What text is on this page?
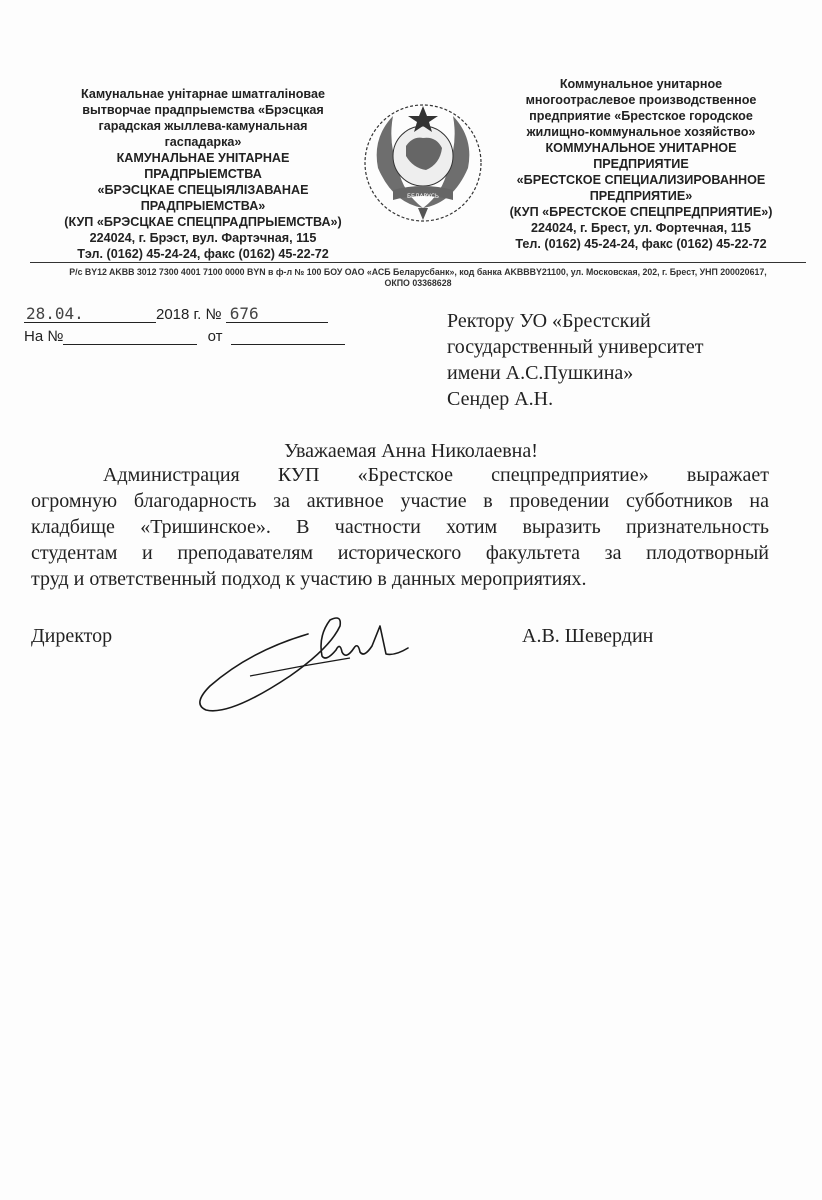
Камунальнае унітарнае шматгаліновае
вытворчае прадпрыемства «Брэсцкая
гарадская жыллева-камунальная
гаспадарка»
КАМУНАЛЬНАЕ УНІТАРНАЕ
ПРАДПРЫЕМСТВА
«БРЭСЦКАЕ СПЕЦЫЯЛІЗАВАНАЕ
ПРАДПРЫЕМСТВА»
(КУП «БРЭСЦКАЕ СПЕЦПРАДПРЫЕМСТВА»)
224024, г. Брэст, вул. Фартэчная, 115
Тэл. (0162) 45-24-24, факс (0162) 45-22-72
БЕЛАРУСЬ
Коммунальное унитарное
многоотраслевое производственное
предприятие «Брестское городское
жилищно-коммунальное хозяйство»
КОММУНАЛЬНОЕ УНИТАРНОЕ
ПРЕДПРИЯТИЕ
«БРЕСТСКОЕ СПЕЦИАЛИЗИРОВАННОЕ
ПРЕДПРИЯТИЕ»
(КУП «БРЕСТСКОЕ СПЕЦПРЕДПРИЯТИЕ»)
224024, г. Брест, ул. Фортечная, 115
Тел. (0162) 45-24-24, факс (0162) 45-22-72
Р/с BY12 AKBB 3012 7300 4001 7100 0000 BYN в ф-л № 100 БОУ ОАО «АСБ Беларусбанк», код банка AKBBBY21100, ул. Московская, 202, г. Брест, УНП 200020617,
ОКПО 03368628
28.04.	2018 г. № 676
На №	от
Ректору УО «Брестский
государственный университет
имени А.С.Пушкина»
Сендер А.Н.
Уважаемая Анна Николаевна!
Администрация КУП «Брестское спецпредприятие» выражает
огромную благодарность за активное участие в проведении субботников на
кладбище «Тришинское». В частности хотим выразить признательность
студентам и преподавателям исторического факультета за плодотворный
труд и ответственный подход к участию в данных мероприятиях.
Директор	А.В. Шевердин
